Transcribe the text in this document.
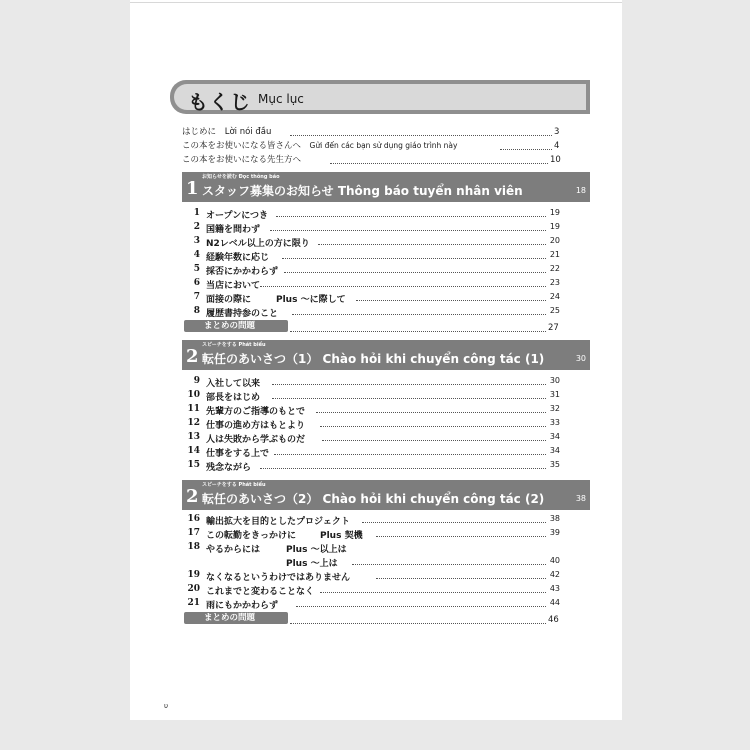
もくじ Mục lục
はじめに Lời nói đầu	3
この本をお使いになる皆さんへ Gửi đến các bạn sử dụng giáo trình này	4
この本をお使いになる先生方へ	10
1
お知らせを読む Đọc thông báo
スタッフ募集のお知らせ Thông báo tuyển nhân viên	18
1 オープンにつき	19
2 国籍を問わず	19
3 N2レベル以上の方に限り	20
4 経験年数に応じ	21
5 採否にかかわらず	22
6 当店において	23
7 面接の際に	Plus ～に際して	24
8 履歴書持参のこと	25
まとめの問題	27
2
スピーチをする Phát biểu
転任のあいさつ（1） Chào hỏi khi chuyển công tác (1)	30
9 入社して以来	30
10 部長をはじめ	31
11 先輩方のご指導のもとで	32
12 仕事の進め方はもとより	33
13 人は失敗から学ぶものだ	34
14 仕事をする上で	34
15 残念ながら	35
2
スピーチをする Phát biểu
転任のあいさつ（2） Chào hỏi khi chuyển công tác (2)	38
16 輸出拡大を目的としたプロジェクト	38
17 この転勤をきっかけに	Plus 契機	39
18 やるからには	Plus ～以上は
Plus ～上は	40
19 なくなるというわけではありません	42
20 これまでと変わることなく	43
21 雨にもかかわらず	44
まとめの問題	46
υ
